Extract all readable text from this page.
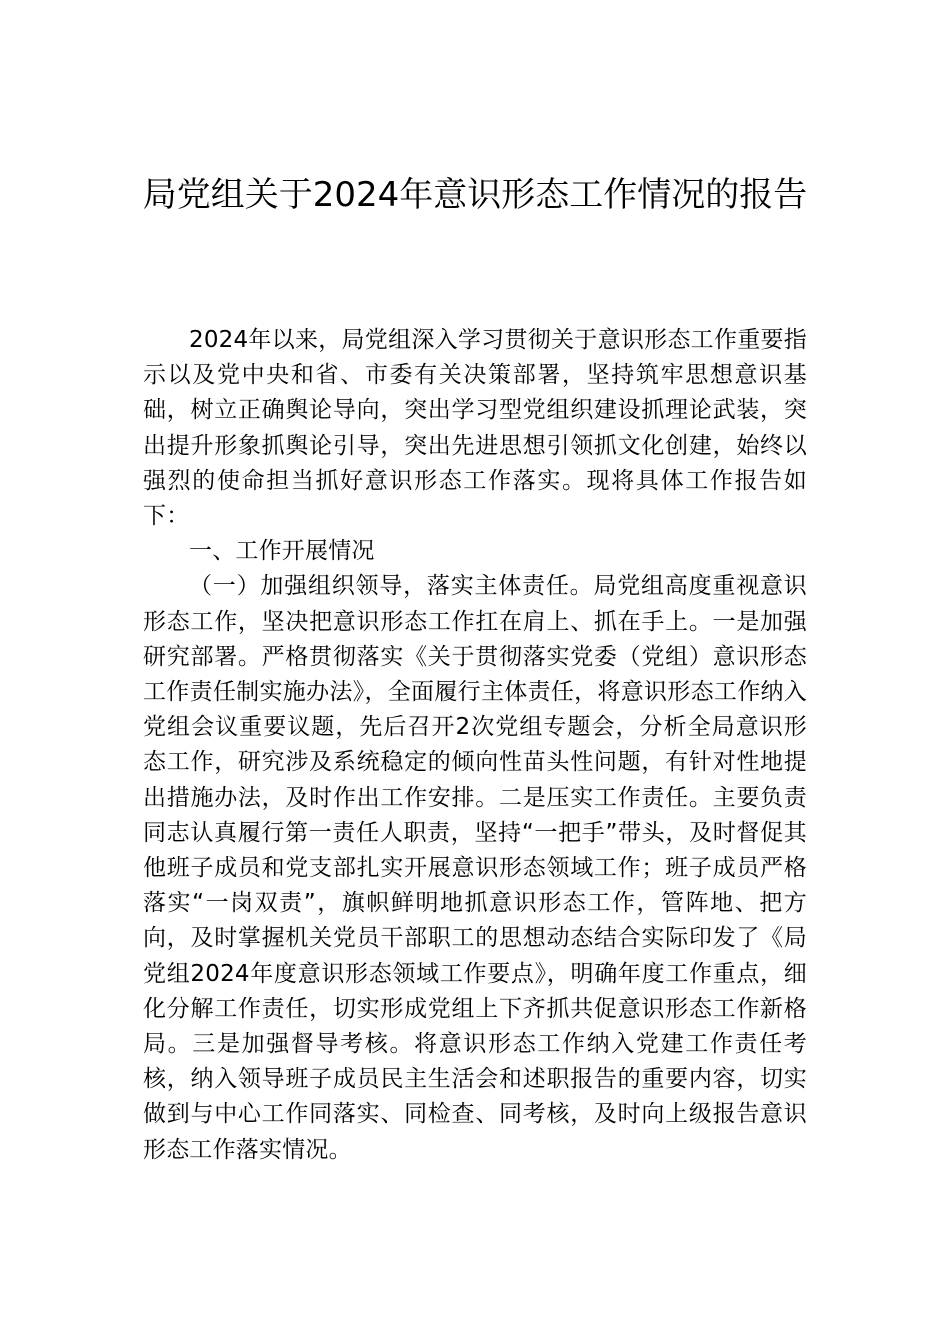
局党组关于2024年意识形态工作情况的报告

2024年以来，局党组深入学习贯彻关于意识形态工作重要指示以及党中央和省、市委有关决策部署，坚持筑牢思想意识基础，树立正确舆论导向，突出学习型党组织建设抓理论武装，突出提升形象抓舆论引导，突出先进思想引领抓文化创建，始终以强烈的使命担当抓好意识形态工作落实。现将具体工作报告如下：

一、工作开展情况

（一）加强组织领导，落实主体责任。局党组高度重视意识形态工作，坚决把意识形态工作扛在肩上、抓在手上。一是加强研究部署。严格贯彻落实《关于贯彻落实党委（党组）意识形态工作责任制实施办法》，全面履行主体责任，将意识形态工作纳入党组会议重要议题，先后召开2次党组专题会，分析全局意识形态工作，研究涉及系统稳定的倾向性苗头性问题，有针对性地提出措施办法，及时作出工作安排。二是压实工作责任。主要负责同志认真履行第一责任人职责，坚持“一把手”带头，及时督促其他班子成员和党支部扎实开展意识形态领域工作；班子成员严格落实“一岗双责”，旗帜鲜明地抓意识形态工作，管阵地、把方向，及时掌握机关党员干部职工的思想动态结合实际印发了《局党组2024年度意识形态领域工作要点》，明确年度工作重点，细化分解工作责任，切实形成党组上下齐抓共促意识形态工作新格局。三是加强督导考核。将意识形态工作纳入党建工作责任考核，纳入领导班子成员民主生活会和述职报告的重要内容，切实做到与中心工作同落实、同检查、同考核，及时向上级报告意识形态工作落实情况。
